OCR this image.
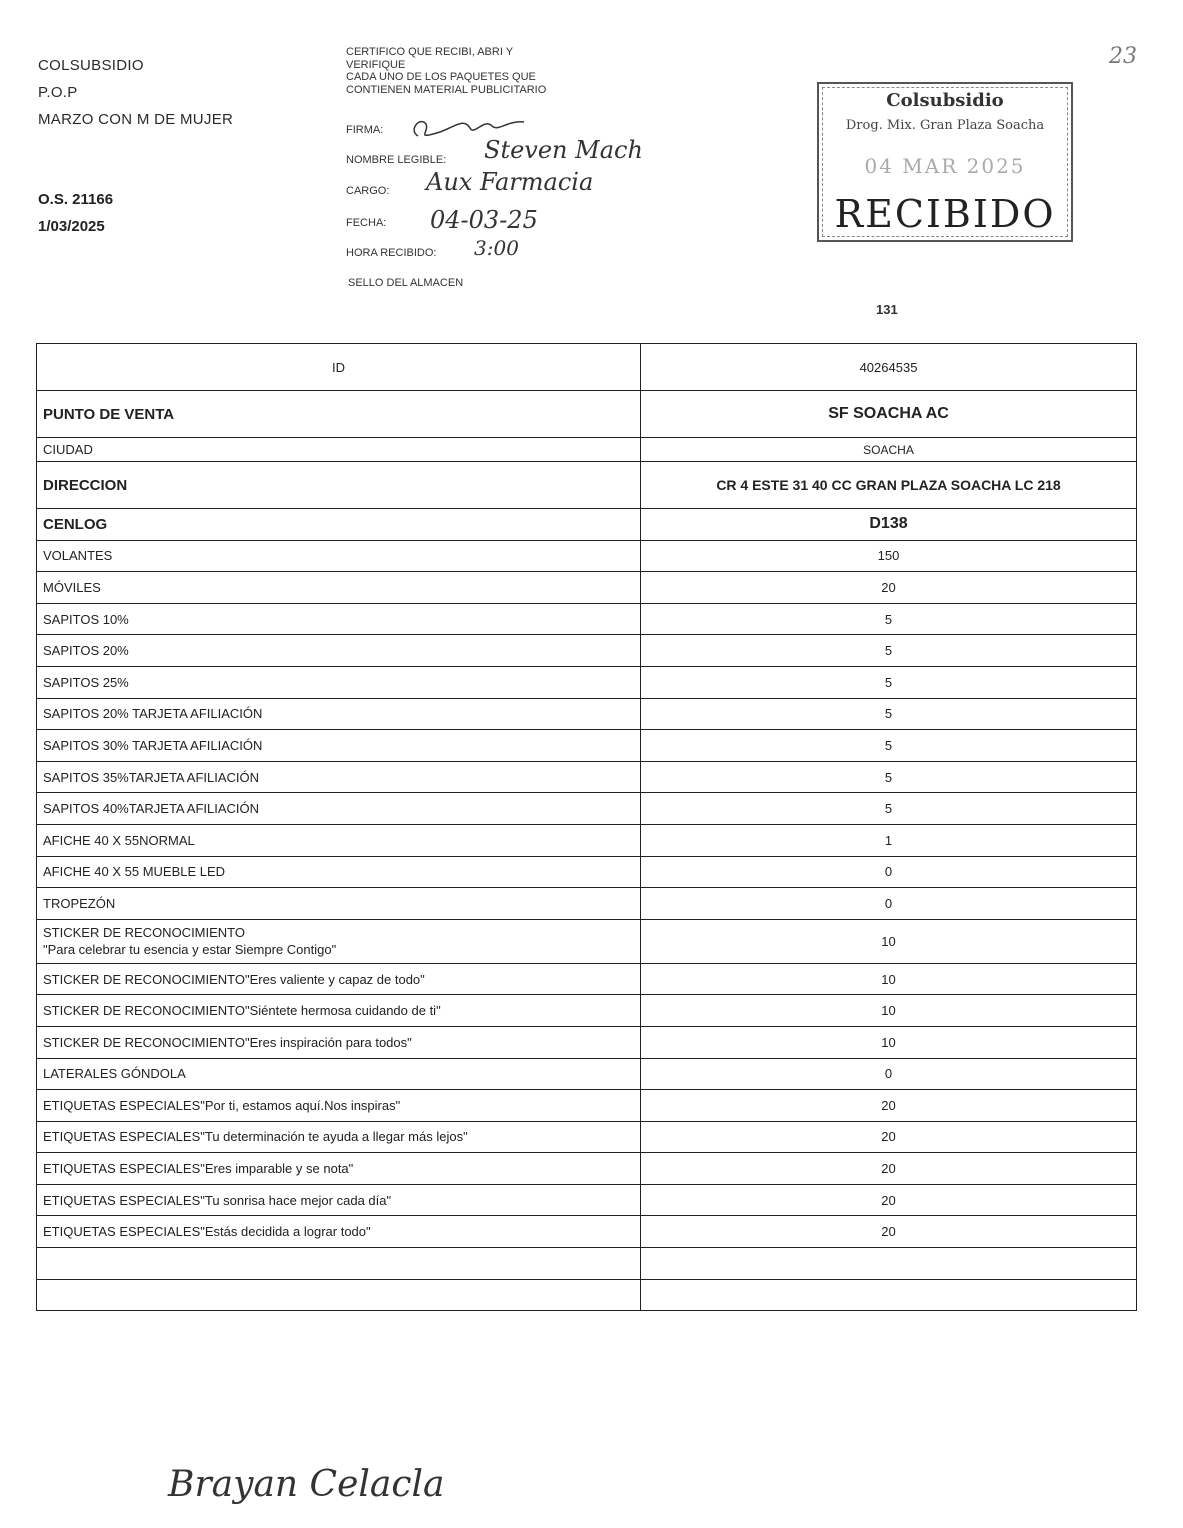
COLSUBSIDIO
P.O.P
MARZO CON M DE MUJER
O.S. 21166
1/03/2025
CERTIFICO QUE RECIBI, ABRI Y
VERIFIQUE
CADA UNO DE LOS PAQUETES QUE
CONTIENEN MATERIAL PUBLICITARIO
FIRMA:
NOMBRE LEGIBLE: Steven Mach
CARGO: Aux Farmacia
FECHA: 04-03-25
HORA RECIBIDO: 3:00
SELLO DEL ALMACEN
23
Colsubsidio
Drog. Mix. Gran Plaza Soacha
04 MAR 2025
RECIBIDO
131
ID	40264535
PUNTO DE VENTA	SF SOACHA AC
CIUDAD	SOACHA
DIRECCION	CR 4 ESTE 31 40 CC GRAN PLAZA SOACHA LC 218
CENLOG	D138
VOLANTES	150
MÓVILES	20
SAPITOS 10%	5
SAPITOS 20%	5
SAPITOS 25%	5
SAPITOS 20% TARJETA AFILIACIÓN	5
SAPITOS 30% TARJETA AFILIACIÓN	5
SAPITOS 35%TARJETA AFILIACIÓN	5
SAPITOS 40%TARJETA AFILIACIÓN	5
AFICHE 40 X 55NORMAL	1
AFICHE 40 X 55 MUEBLE LED	0
TROPEZÓN	0

STICKER DE RECONOCIMIENTO
"Para celebrar tu esencia y estar Siempre Contigo"	10
STICKER DE RECONOCIMIENTO"Eres valiente y capaz de todo"	10
STICKER DE RECONOCIMIENTO"Siéntete hermosa cuidando de ti"	10
STICKER DE RECONOCIMIENTO"Eres inspiración para todos"	10
LATERALES GÓNDOLA	0
ETIQUETAS ESPECIALES"Por ti, estamos aquí.Nos inspiras"	20
ETIQUETAS ESPECIALES"Tu determinación te ayuda a llegar más lejos"	20
ETIQUETAS ESPECIALES"Eres imparable y se nota"	20
ETIQUETAS ESPECIALES"Tu sonrisa hace mejor cada día"	20
ETIQUETAS ESPECIALES"Estás decidida a lograr todo"	20

Brayan Celacla
